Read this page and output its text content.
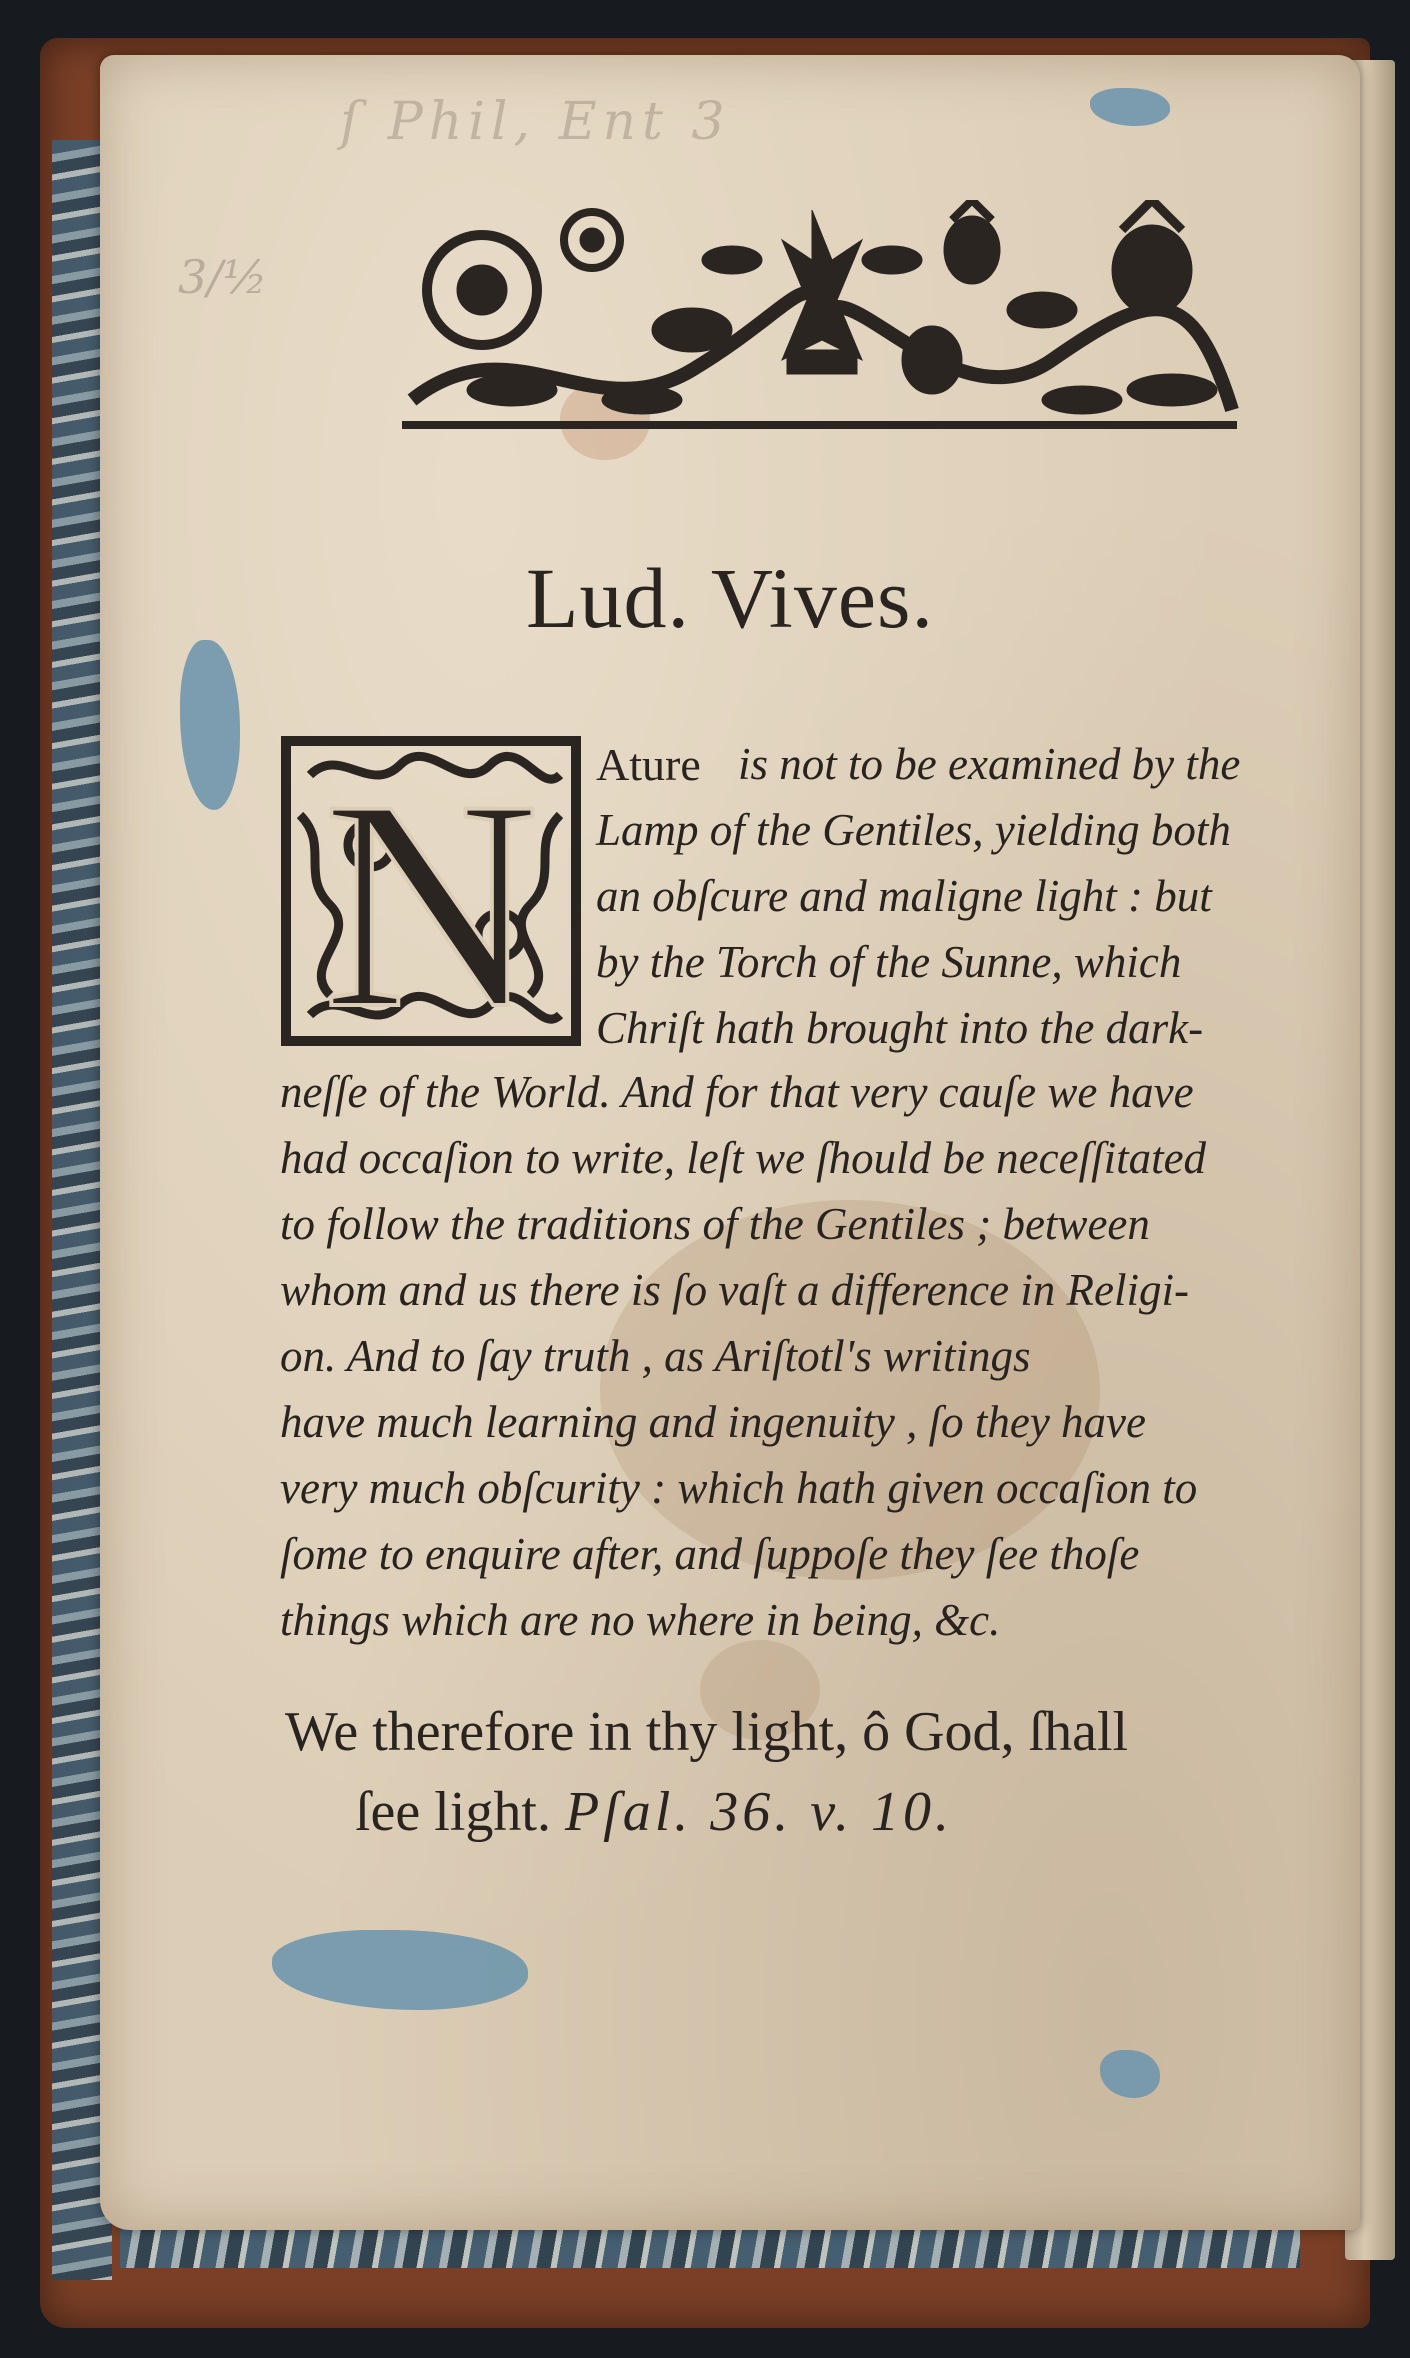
ſ Phil, Ent 3
3/½
Lud. Vives.
N Ature is not to be examined by the
Lamp of the Gentiles, yielding both
an obſcure and maligne light : but
by the Torch of the Sunne, which
Chriſt hath brought into the dark-
neſſe of the World. And for that very cauſe we have
had occaſion to write, leſt we ſhould be neceſſitated
to follow the traditions of the Gentiles ; between
whom and us there is ſo vaſt a difference in Religi-
on. And to ſay truth , as Ariſtotl's writings
have much learning and ingenuity , ſo they have
very much obſcurity : which hath given occaſion to
ſome to enquire after, and ſuppoſe they ſee thoſe
things which are no where in being, &c.
We therefore in thy light, ô God, ſhall
ſee light. Pſal. 36. v. 10.
